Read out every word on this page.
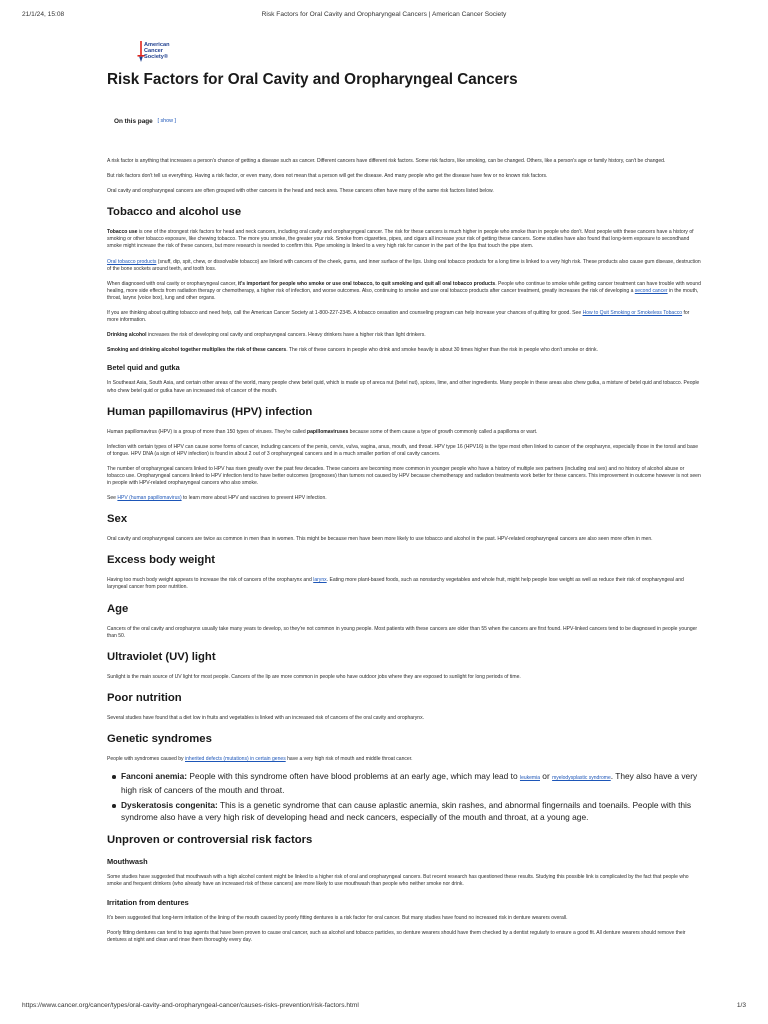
21/1/24, 15:08	Risk Factors for Oral Cavity and Oropharyngeal Cancers | American Cancer Society
American
Cancer
Society®
Risk Factors for Oral Cavity and Oropharyngeal Cancers
On this page [ show ]

A risk factor is anything that increases a person's chance of getting a disease such as cancer. Different cancers have different risk factors. Some risk factors, like smoking, can be changed. Others, like a person's age or family history, can't be changed.

But risk factors don't tell us everything. Having a risk factor, or even many, does not mean that a person will get the disease. And many people who get the disease have few or no known risk factors.

Oral cavity and oropharyngeal cancers are often grouped with other cancers in the head and neck area. These cancers often have many of the same risk factors listed below.

Tobacco and alcohol use

Tobacco use is one of the strongest risk factors for head and neck cancers, including oral cavity and oropharyngeal cancer. The risk for these cancers is much higher in people who smoke than in people who don't. Most people with these cancers have a history of smoking or other tobacco exposure, like chewing tobacco. The more you smoke, the greater your risk. Smoke from cigarettes, pipes, and cigars all increase your risk of getting these cancers. Some studies have also found that long-term exposure to secondhand smoke might increase the risk of these cancers, but more research is needed to confirm this. Pipe smoking is linked to a very high risk for cancer in the part of the lips that touch the pipe stem.

Oral tobacco products (snuff, dip, spit, chew, or dissolvable tobacco) are linked with cancers of the cheek, gums, and inner surface of the lips. Using oral tobacco products for a long time is linked to a very high risk. These products also cause gum disease, destruction of the bone sockets around teeth, and tooth loss.

When diagnosed with oral cavity or oropharyngeal cancer, it's important for people who smoke or use oral tobacco, to quit smoking and quit all oral tobacco products. People who continue to smoke while getting cancer treatment can have trouble with wound healing, more side effects from radiation therapy or chemotherapy, a higher risk of infection, and worse outcomes. Also, continuing to smoke and use oral tobacco products after cancer treatment, greatly increases the risk of developing a second cancer in the mouth, throat, larynx (voice box), lung and other organs.

If you are thinking about quitting tobacco and need help, call the American Cancer Society at 1-800-227-2345. A tobacco cessation and counseling program can help increase your chances of quitting for good. See How to Quit Smoking or Smokeless Tobacco for more information.

Drinking alcohol increases the risk of developing oral cavity and oropharyngeal cancers. Heavy drinkers have a higher risk than light drinkers.

Smoking and drinking alcohol together multiplies the risk of these cancers. The risk of these cancers in people who drink and smoke heavily is about 30 times higher than the risk in people who don't smoke or drink.

Betel quid and gutka

In Southeast Asia, South Asia, and certain other areas of the world, many people chew betel quid, which is made up of areca nut (betel nut), spices, lime, and other ingredients. Many people in these areas also chew gutka, a mixture of betel quid and tobacco. People who chew betel quid or gutka have an increased risk of cancer of the mouth.

Human papillomavirus (HPV) infection

Human papillomavirus (HPV) is a group of more than 150 types of viruses. They're called papillomaviruses because some of them cause a type of growth commonly called a papilloma or wart.

Infection with certain types of HPV can cause some forms of cancer, including cancers of the penis, cervix, vulva, vagina, anus, mouth, and throat. HPV type 16 (HPV16) is the type most often linked to cancer of the oropharynx, especially those in the tonsil and base of tongue. HPV DNA (a sign of HPV infection) is found in about 2 out of 3 oropharyngeal cancers and in a much smaller portion of oral cavity cancers.

The number of oropharyngeal cancers linked to HPV has risen greatly over the past few decades. These cancers are becoming more common in younger people who have a history of multiple sex partners (including oral sex) and no history of alcohol abuse or tobacco use. Oropharyngeal cancers linked to HPV infection tend to have better outcomes (prognoses) than tumors not caused by HPV because chemotherapy and radiation treatments work better for these cancers. This improvement in outcome however is not seen in people with HPV-related oropharyngeal cancers who also smoke.

See HPV (human papillomavirus) to learn more about HPV and vaccines to prevent HPV infection.

Sex

Oral cavity and oropharyngeal cancers are twice as common in men than in women. This might be because men have been more likely to use tobacco and alcohol in the past. HPV-related oropharyngeal cancers are also seen more often in men.

Excess body weight

Having too much body weight appears to increase the risk of cancers of the oropharynx and larynx. Eating more plant-based foods, such as nonstarchy vegetables and whole fruit, might help people lose weight as well as reduce their risk of oropharyngeal and laryngeal cancer from poor nutrition.

Age

Cancers of the oral cavity and oropharynx usually take many years to develop, so they're not common in young people. Most patients with these cancers are older than 55 when the cancers are first found. HPV-linked cancers tend to be diagnosed in people younger than 50.

Ultraviolet (UV) light

Sunlight is the main source of UV light for most people. Cancers of the lip are more common in people who have outdoor jobs where they are exposed to sunlight for long periods of time.

Poor nutrition

Several studies have found that a diet low in fruits and vegetables is linked with an increased risk of cancers of the oral cavity and oropharynx.

Genetic syndromes

People with syndromes caused by inherited defects (mutations) in certain genes have a very high risk of mouth and middle throat cancer.

Fanconi anemia: People with this syndrome often have blood problems at an early age, which may lead to leukemia or myelodysplastic syndrome. They also have a very high risk of cancers of the mouth and throat.
Dyskeratosis congenita: This is a genetic syndrome that can cause aplastic anemia, skin rashes, and abnormal fingernails and toenails. People with this syndrome also have a very high risk of developing head and neck cancers, especially of the mouth and throat, at a young age.
Unproven or controversial risk factors
Mouthwash

Some studies have suggested that mouthwash with a high alcohol content might be linked to a higher risk of oral and oropharyngeal cancers. But recent research has questioned these results. Studying this possible link is complicated by the fact that people who smoke and frequent drinkers (who already have an increased risk of these cancers) are more likely to use mouthwash than people who neither smoke nor drink.

Irritation from dentures

It's been suggested that long-term irritation of the lining of the mouth caused by poorly fitting dentures is a risk factor for oral cancer. But many studies have found no increased risk in denture wearers overall.

Poorly fitting dentures can tend to trap agents that have been proven to cause oral cancer, such as alcohol and tobacco particles, so denture wearers should have them checked by a dentist regularly to ensure a good fit. All denture wearers should remove their dentures at night and clean and rinse them thoroughly every day.

https://www.cancer.org/cancer/types/oral-cavity-and-oropharyngeal-cancer/causes-risks-prevention/risk-factors.html	1/3
